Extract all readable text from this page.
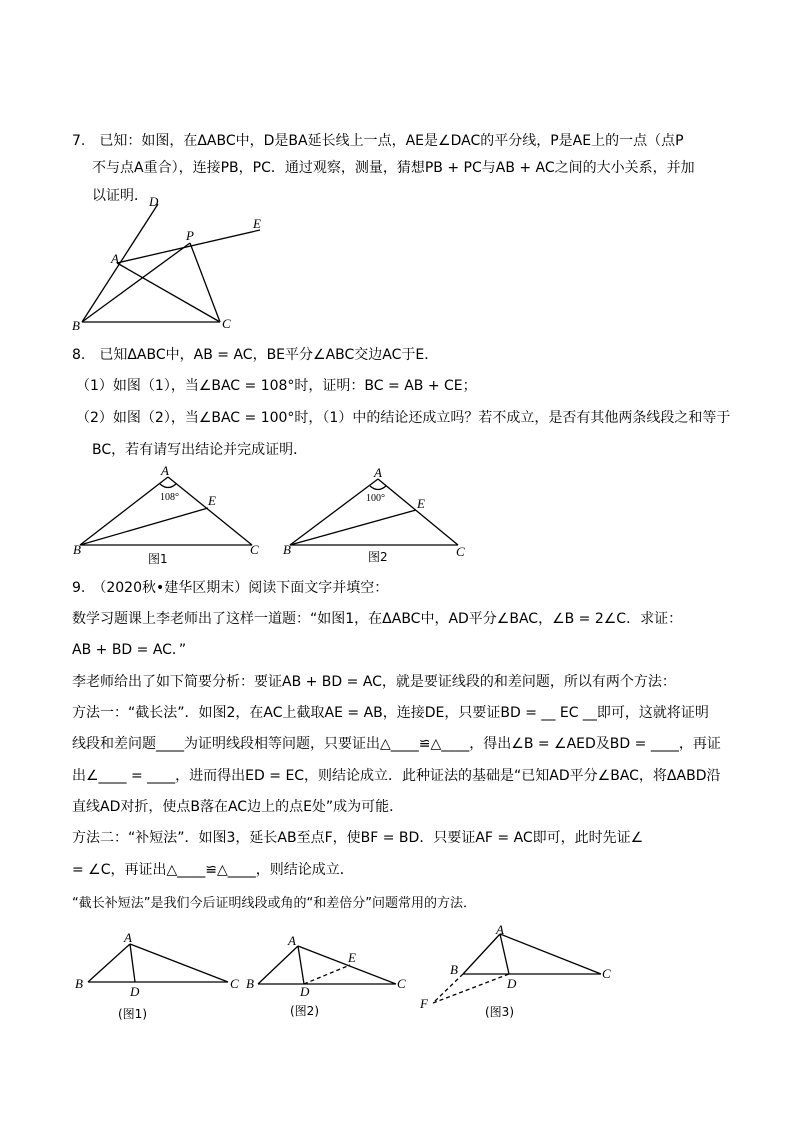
7.　已知：如图，在ΔABC中，D是BA延长线上一点，AE是∠DAC的平分线，P是AE上的一点（点P
不与点A重合），连接PB，PC．通过观察，测量，猜想PB + PC与AB + AC之间的大小关系，并加
以证明． D
E
P
A
B	C
8.　已知ΔABC中，AB = AC，BE平分∠ABC交边AC于E．
（1）如图（1），当∠BAC = 108°时，证明：BC = AB + CE；
（2）如图（2），当∠BAC = 100°时，（1）中的结论还成立吗？若不成立，是否有其他两条线段之和等于
BC，若有请写出结论并完成证明．
A
E
B	C
108°
图1
A
E
B	C
100°
图2
9.　（2020秋•建华区期末）阅读下面文字并填空：
数学习题课上李老师出了这样一道题：“如图1，在ΔABC中，AD平分∠BAC，∠B = 2∠C．求证：
AB + BD = AC．”
李老师给出了如下简要分析：要证AB + BD = AC，就是要证线段的和差问题，所以有两个方法：
方法一：“截长法”．如图2，在AC上截取AE = AB，连接DE，只要证BD = __ EC __即可，这就将证明
线段和差问题____为证明线段相等问题，只要证出△____≌△____，得出∠B = ∠AED及BD = ____，再证
出∠____ = ____，进而得出ED = EC，则结论成立．此种证法的基础是“已知AD平分∠BAC，将ΔABD沿
直线AD对折，使点B落在AC边上的点E处”成为可能．
方法二：“补短法”．如图3，延长AB至点F，使BF = BD．只要证AF = AC即可，此时先证∠
= ∠C，再证出△____≌△____，则结论成立．
“截长补短法”是我们今后证明线段或角的“和差倍分”问题常用的方法．
A
B	C
D
(图1)
A
B	C
D
E
(图2)
A
B	C
D
F
(图3)
